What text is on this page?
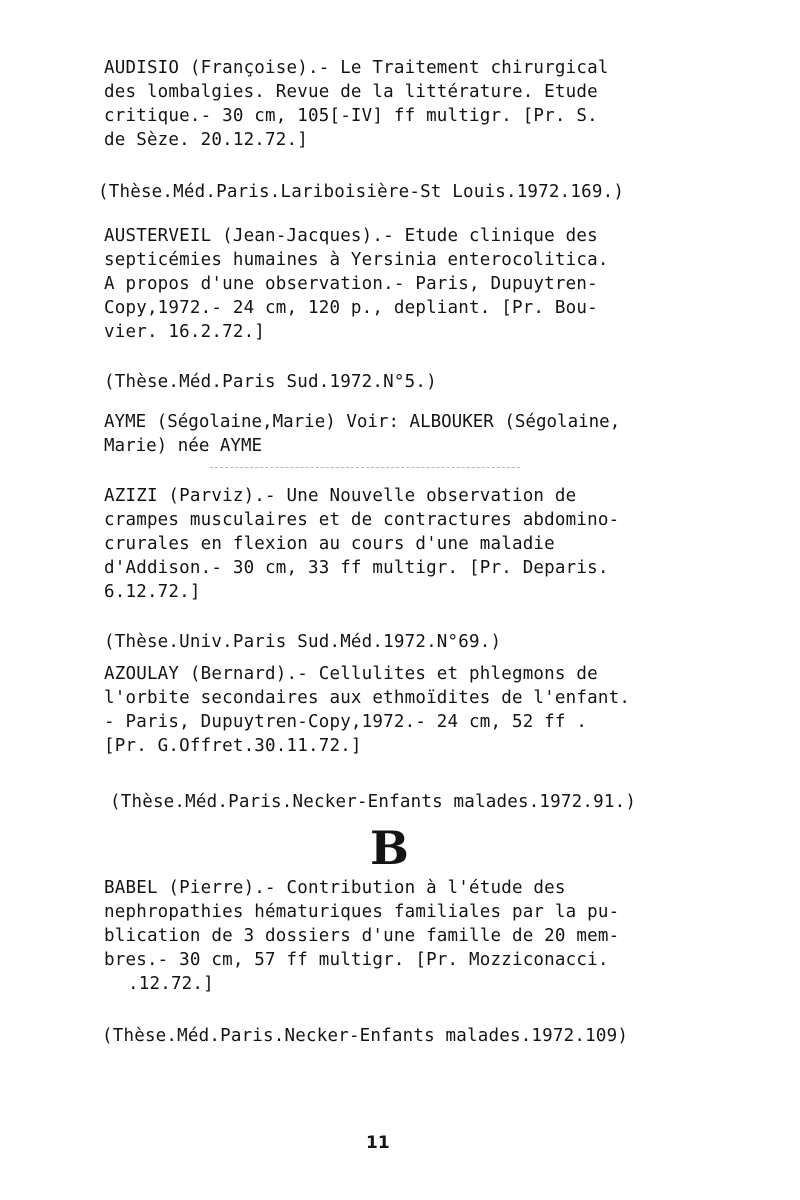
AUDISIO (Françoise).- Le Traitement chirurgical
des lombalgies. Revue de la littérature. Etude
critique.- 30 cm, 105[-IV] ff multigr. [Pr. S.
de Sèze. 20.12.72.]
(Thèse.Méd.Paris.Lariboisière-St Louis.1972.169.)
AUSTERVEIL (Jean-Jacques).- Etude clinique des
septicémies humaines à Yersinia enterocolitica.
A propos d'une observation.- Paris, Dupuytren-
Copy,1972.- 24 cm, 120 p., depliant. [Pr. Bou-
vier. 16.2.72.]
(Thèse.Méd.Paris Sud.1972.N°5.)
AYME (Ségolaine,Marie) Voir: ALBOUKER (Ségolaine,
Marie) née AYME
AZIZI (Parviz).- Une Nouvelle observation de
crampes musculaires et de contractures abdomino-
crurales en flexion au cours d'une maladie
d'Addison.- 30 cm, 33 ff multigr. [Pr. Deparis.
6.12.72.]
(Thèse.Univ.Paris Sud.Méd.1972.N°69.)
AZOULAY (Bernard).- Cellulites et phlegmons de
l'orbite secondaires aux ethmoïdites de l'enfant.
- Paris, Dupuytren-Copy,1972.- 24 cm, 52 ff .
[Pr. G.Offret.30.11.72.]
(Thèse.Méd.Paris.Necker-Enfants malades.1972.91.)
B
BABEL (Pierre).- Contribution à l'étude des
nephropathies hématuriques familiales par la pu-
blication de 3 dossiers d'une famille de 20 mem-
bres.- 30 cm, 57 ff multigr. [Pr. Mozziconacci.
.12.72.]
(Thèse.Méd.Paris.Necker-Enfants malades.1972.109)
11
